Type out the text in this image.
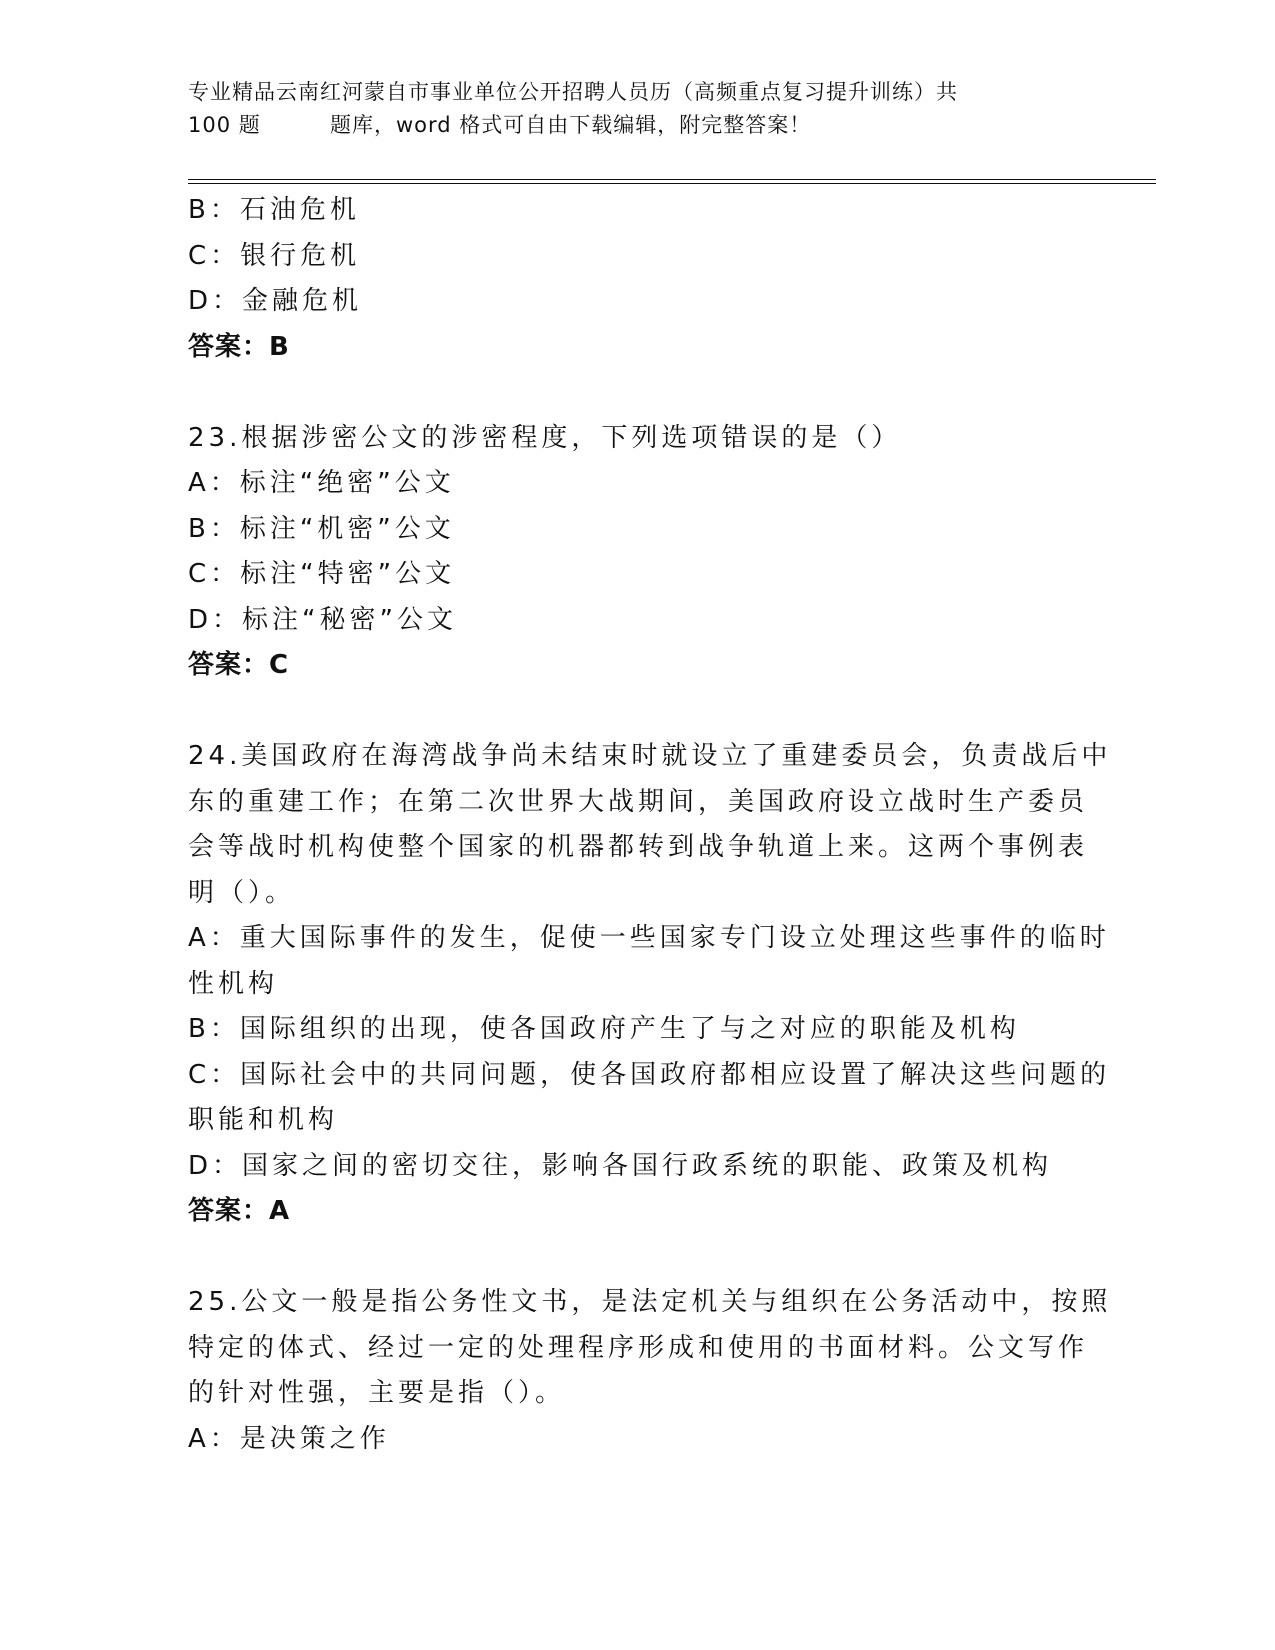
专业精品云南红河蒙自市事业单位公开招聘人员历（高频重点复习提升训练）共
100 题	题库，word 格式可自由下载编辑，附完整答案！
B：石油危机
C：银行危机
D：金融危机
答案：B
23.根据涉密公文的涉密程度，下列选项错误的是（）
A：标注“绝密”公文
B：标注“机密”公文
C：标注“特密”公文
D：标注“秘密”公文
答案：C
24.美国政府在海湾战争尚未结束时就设立了重建委员会，负责战后中
东的重建工作；在第二次世界大战期间，美国政府设立战时生产委员
会等战时机构使整个国家的机器都转到战争轨道上来。这两个事例表
明（）。
A：重大国际事件的发生，促使一些国家专门设立处理这些事件的临时
性机构
B：国际组织的出现，使各国政府产生了与之对应的职能及机构
C：国际社会中的共同问题，使各国政府都相应设置了解决这些问题的
职能和机构
D：国家之间的密切交往，影响各国行政系统的职能、政策及机构
答案：A
25.公文一般是指公务性文书，是法定机关与组织在公务活动中，按照
特定的体式、经过一定的处理程序形成和使用的书面材料。公文写作
的针对性强，主要是指（）。
A：是决策之作
